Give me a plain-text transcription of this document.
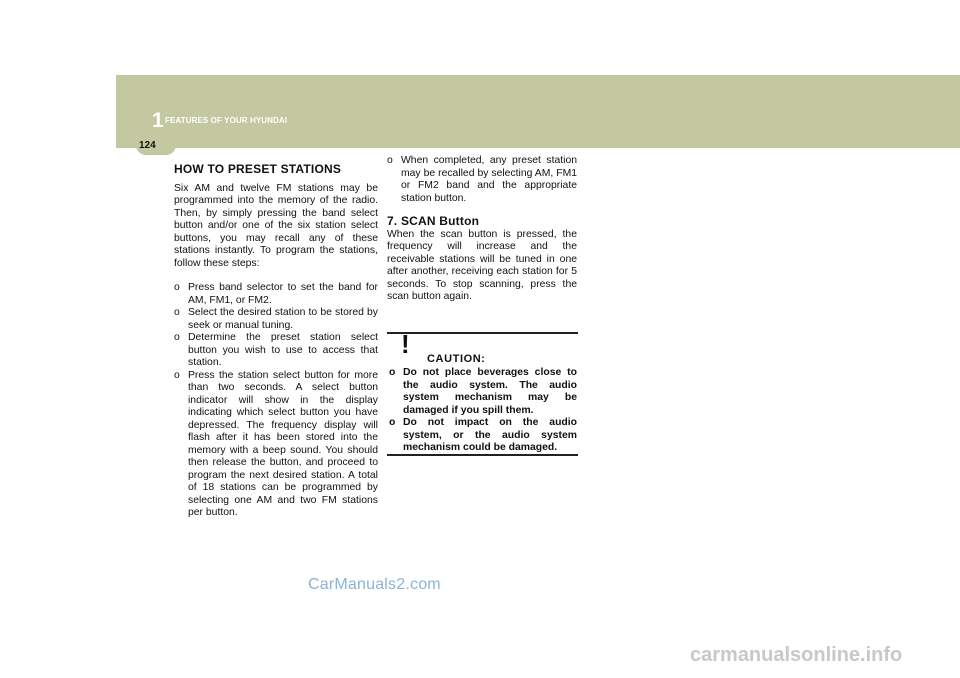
1 FEATURES OF YOUR HYUNDAI
124
HOW TO PRESET STATIONS

Six AM and twelve FM stations may be programmed into the memory of the radio. Then, by simply pressing the band select button and/or one of the six station select buttons, you may recall any of these stations instantly. To program the stations, follow these steps:

o Press band selector to set the band for AM, FM1, or FM2.
o Select the desired station to be stored by seek or manual tuning.
o Determine the preset station select button you wish to use to access that station.
o Press the station select button for more than two seconds. A select button indicator will show in the display indicating which select button you have depressed. The frequency display will flash after it has been stored into the memory with a beep sound. You should then release the button, and proceed to program the next desired station. A total of 18 stations can be programmed by selecting one AM and two FM stations per button.
o When completed, any preset station may be recalled by selecting AM, FM1 or FM2 band and the appropriate station button.
7. SCAN Button

When the scan button is pressed, the frequency will increase and the receivable stations will be tuned in one after another, receiving each station for 5 seconds. To stop scanning, press the scan button again.

! CAUTION:
o Do not place beverages close to the audio system. The audio system mechanism may be damaged if you spill them.
o Do not impact on the audio system, or the audio system mechanism could be damaged.
CarManuals2.com
carmanualsonline.info
